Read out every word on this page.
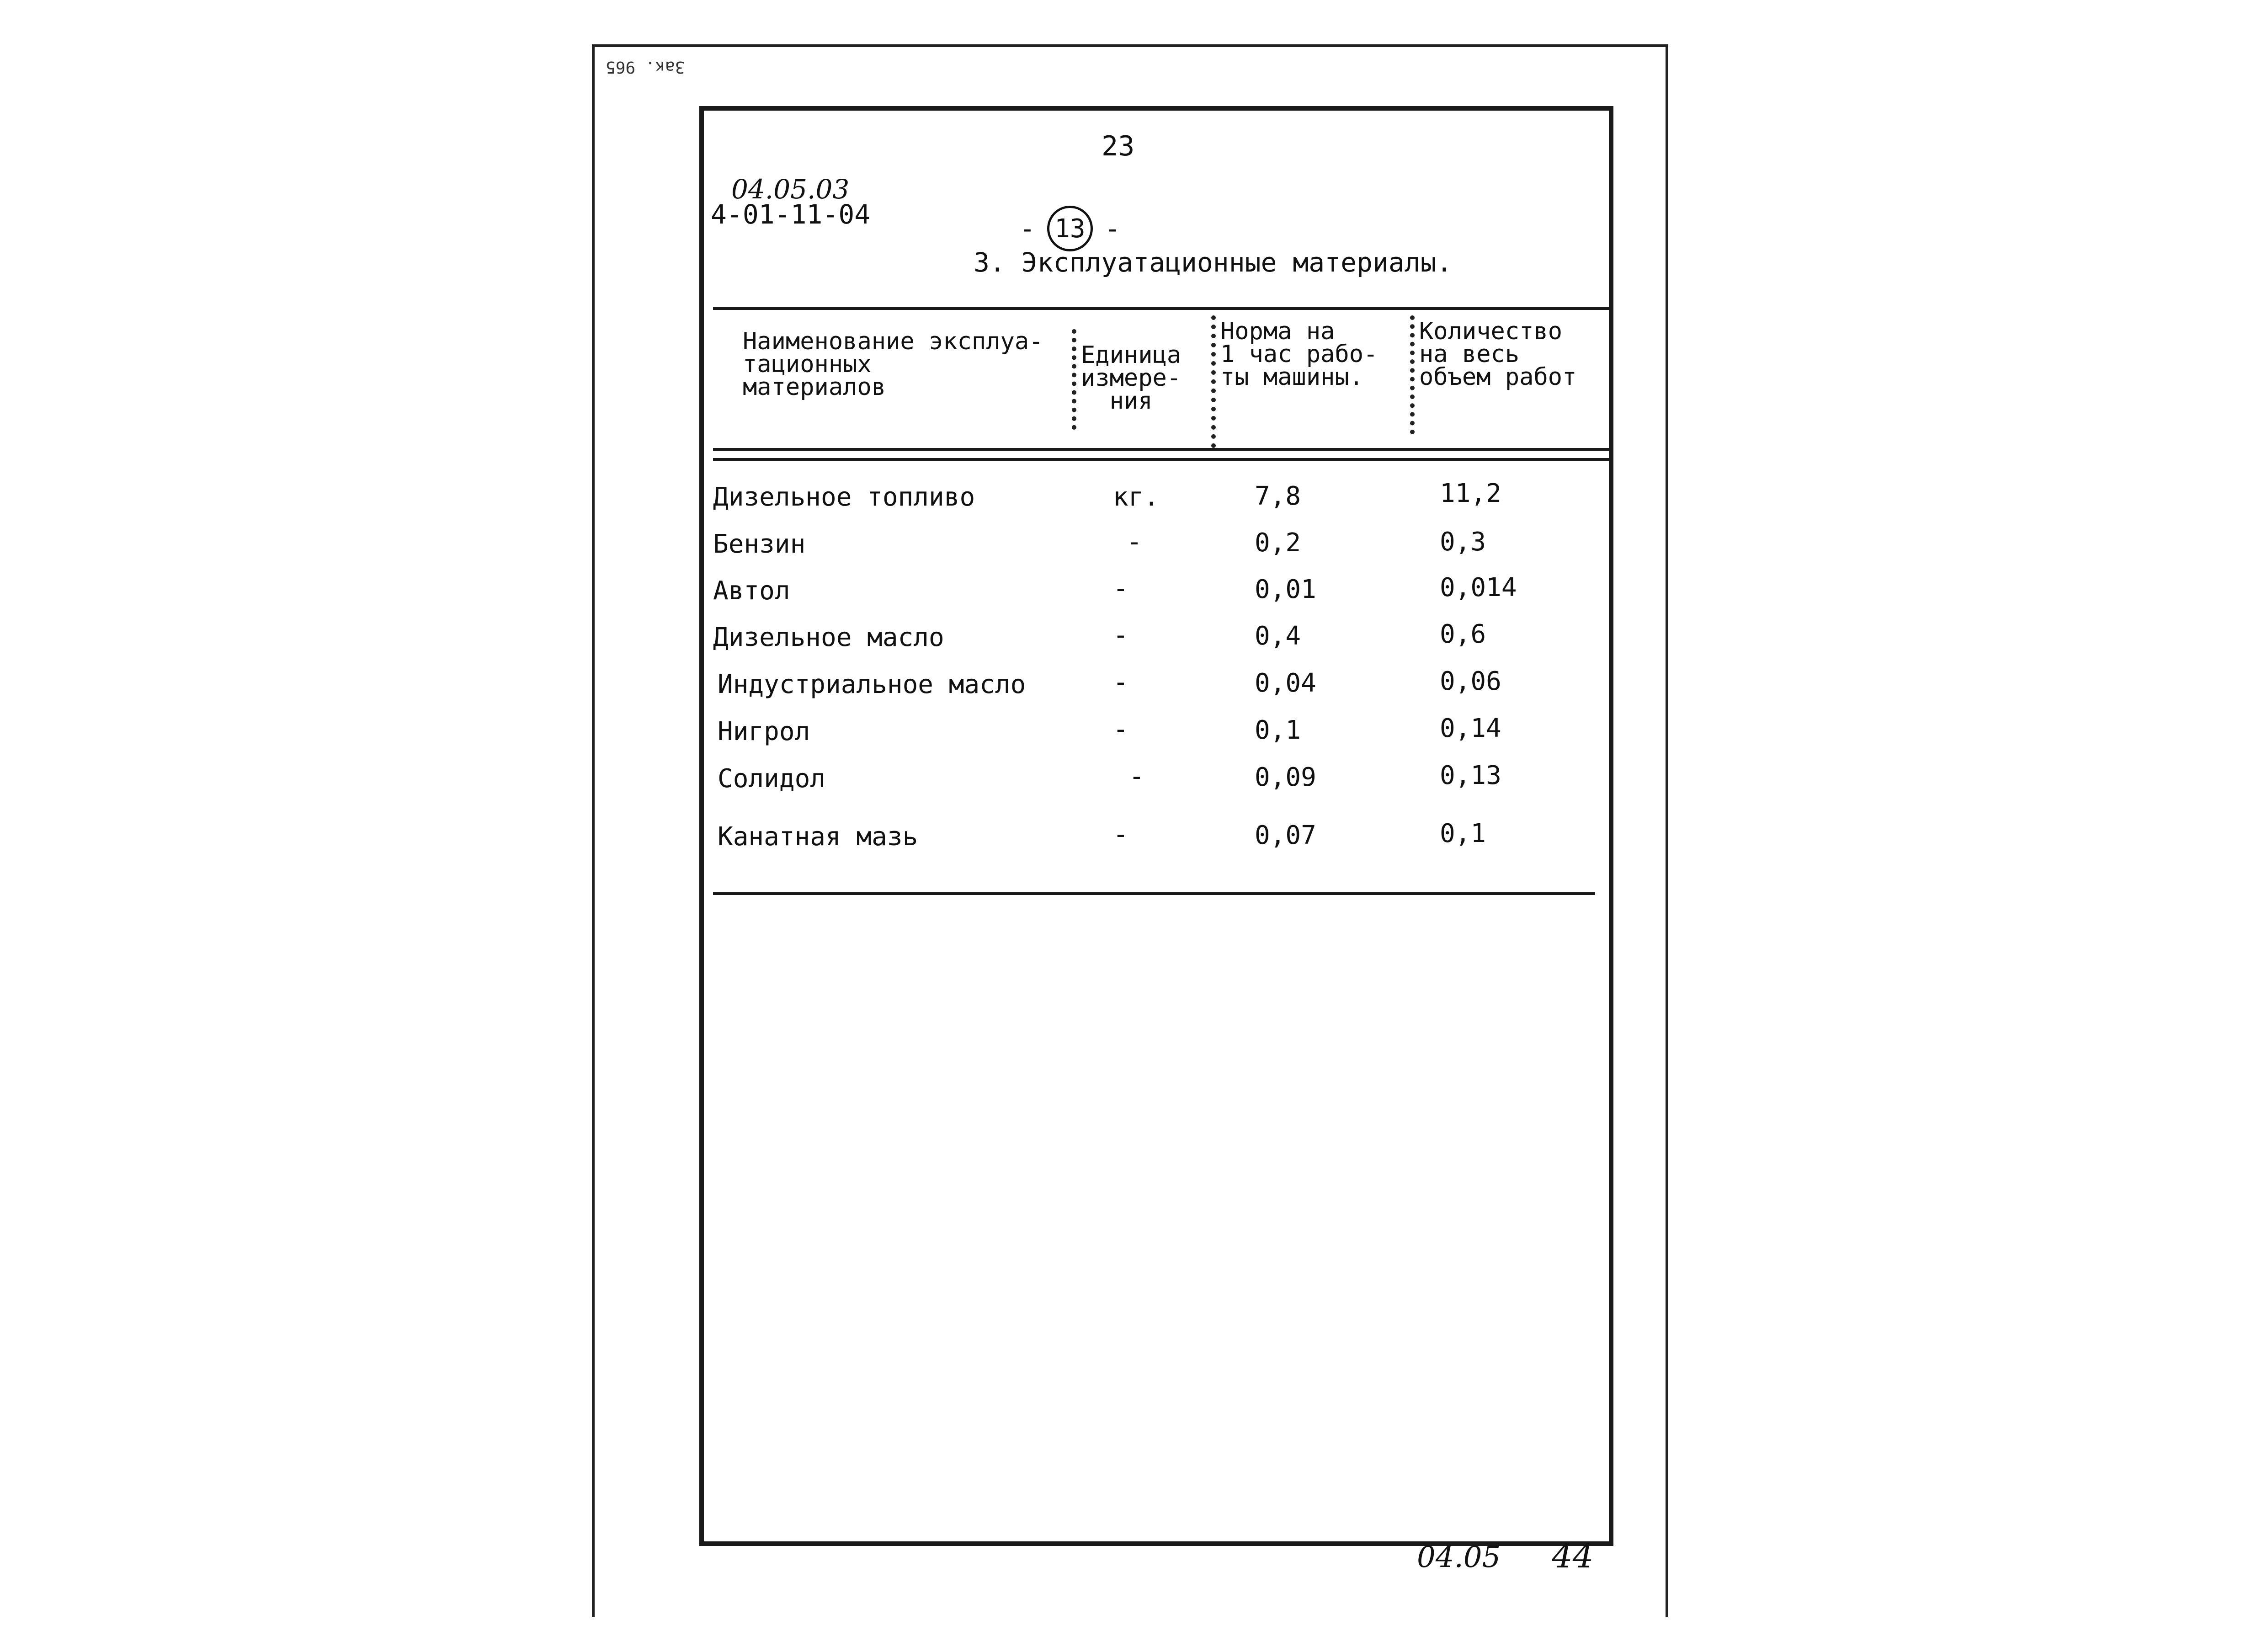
Зак. 965
23
04.05.03
4-01-11-04	- 13 -
3. Эксплуатационные материалы.
Наименование эксплуа-
тационных
материалов
Единица
измере-
ния
Норма на
1 час рабо-
ты машины.
Количество
на весь
объем работ
Дизельное топливо	кг.	7,8	11,2
Бензин	-	0,2	0,3
Автол	-	0,01	0,014
Дизельное масло	-	0,4	0,6
Индустриальное масло	-	0,04	0,06
Нигрол	-	0,1	0,14
Солидол	-	0,09	0,13
Канатная мазь	-	0,07	0,1
04.05 44
